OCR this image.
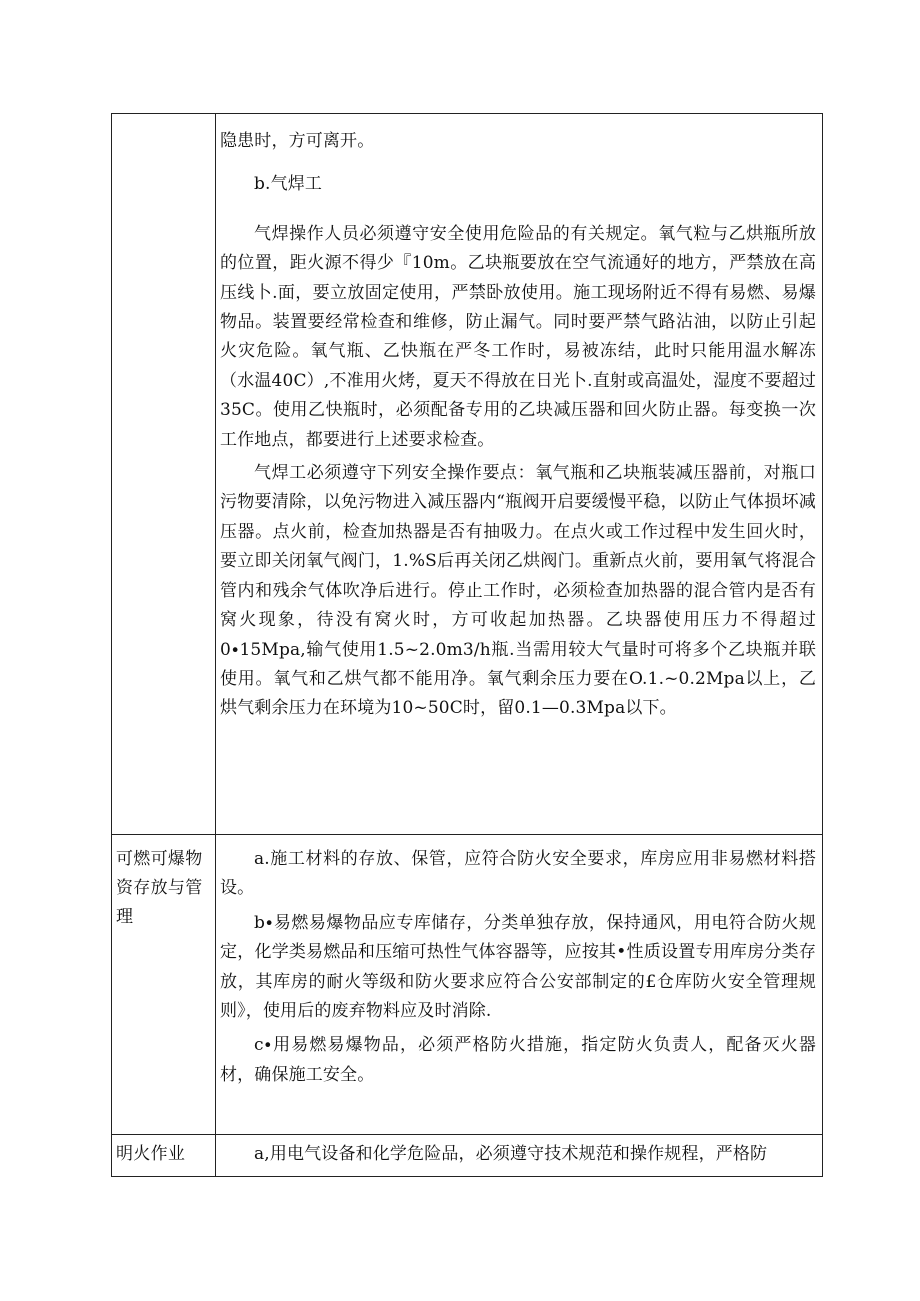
	隐患时，方可离开。

b.气焊工

气焊操作人员必须遵守安全使用危险品的有关规定。氧气粒与乙烘瓶所放的位置，距火源不得少『10m。乙块瓶要放在空气流通好的地方，严禁放在高压线卜.面，要立放固定使用，严禁卧放使用。施工现场附近不得有易燃、易爆物品。装置要经常检查和维修，防止漏气。同时要严禁气路沾油，以防止引起火灾危险。氧气瓶、乙快瓶在严冬工作时，易被冻结，此时只能用温水解冻（水温40C）,不准用火烤，夏天不得放在日光卜.直射或高温处，湿度不要超过35C。使用乙快瓶时，必须配备专用的乙块减压器和回火防止器。每变换一次工作地点，都要进行上述要求检查。

气焊工必须遵守下列安全操作要点：氧气瓶和乙块瓶装减压器前，对瓶口污物要清除，以免污物进入减压器内“瓶阀开启要缓慢平稳，以防止气体损坏减压器。点火前，检查加热器是否有抽吸力。在点火或工作过程中发生回火时，要立即关闭氧气阀门，1.%S后再关闭乙烘阀门。重新点火前，要用氧气将混合管内和残余气体吹净后进行。停止工作时，必须检查加热器的混合管内是否有窝火现象，待没有窝火时，方可收起加热器。乙块器使用压力不得超过0∙15Mpa,输气使用1.5~2.0m3∕h瓶.当需用较大气量时可将多个乙块瓶并联使用。氧气和乙烘气都不能用净。氧气剩余压力要在O.1.~0.2Mpa以上，乙烘气剩余压力在环境为10~50C时，留0.1—0.3Mpa以下。

可燃可爆物资存放与管理	a.施工材料的存放、保管，应符合防火安全要求，库房应用非易燃材料搭设。

b∙易燃易爆物品应专库储存，分类单独存放，保持通风，用电符合防火规定，化学类易燃品和压缩可热性气体容器等，应按其•性质设置专用库房分类存放，其库房的耐火等级和防火要求应符合公安部制定的£仓库防火安全管理规则》，使用后的废弃物料应及时消除.

c∙用易燃易爆物品，必须严格防火措施，指定防火负责人，配备灭火器材，确保施工安全。

明火作业	a,用电气设备和化学危险品，必须遵守技术规范和操作规程，严格防
